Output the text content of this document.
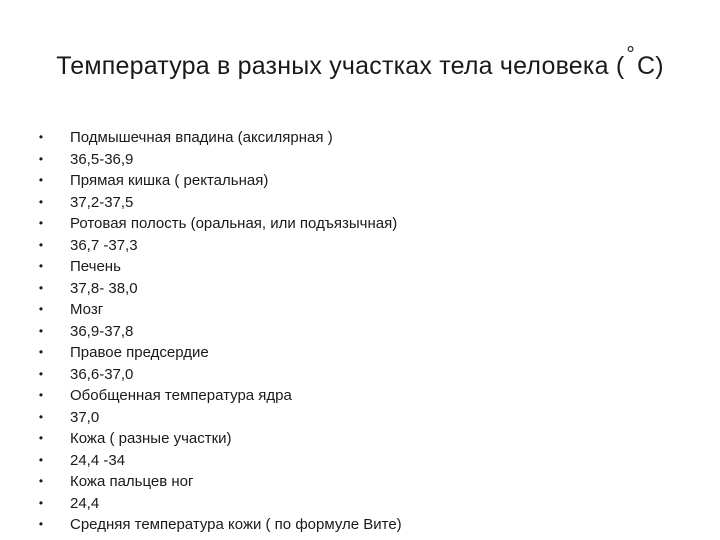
Температура в разных участках тела человека (°С)
• Подмышечная впадина (аксилярная )
• 36,5-36,9
• Прямая кишка ( ректальная)
• 37,2-37,5
• Ротовая полость (оральная, или подъязычная)
• 36,7 -37,3
• Печень
• 37,8- 38,0
• Мозг
• 36,9-37,8
• Правое предсердие
• 36,6-37,0
• Обобщенная температура ядра
• 37,0
• Кожа ( разные участки)
• 24,4 -34
• Кожа пальцев ног
• 24,4
• Средняя температура кожи ( по формуле Вите)
